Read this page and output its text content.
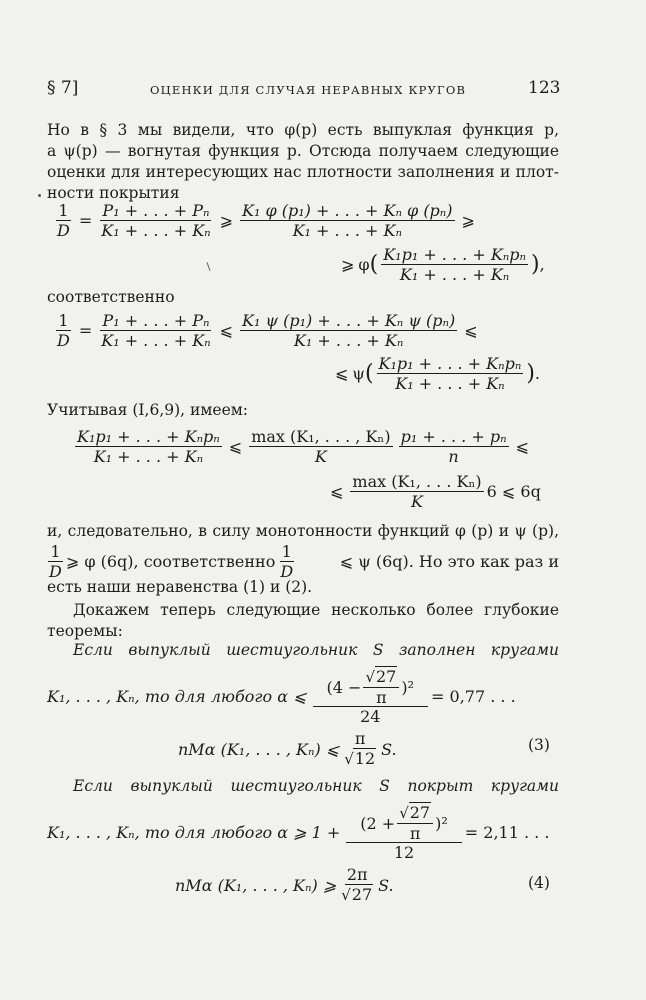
§ 7]	ОЦЕНКИ ДЛЯ СЛУЧАЯ НЕРАВНЫХ КРУГОВ	123
Но в § 3 мы видели, что φ(p) есть выпуклая функция p,
а ψ(p) — вогнутая функция p. Отсюда получаем следующие
оценки для интересующих нас плотности заполнения и плот-
ности покрытия
$\frac{1}{D} = \frac{\text{P₁ + . . . + Pₙ}}{\text{K₁ + . . . + Kₙ}}$ ⩾ $\frac{\text{K₁ φ (p₁) + . . . + Kₙ φ (pₙ)}}{\text{K₁ + . . . + Kₙ}}$ ⩾
⩾ φ ( $\frac{\text{K₁p₁ + . . . + Kₙpₙ}}{\text{K₁ + . . . + Kₙ}}$ ) ,
соответственно
$\frac{1}{D} = \frac{\text{P₁ + . . . + Pₙ}}{\text{K₁ + . . . + Kₙ}}$ ⩽ $\frac{\text{K₁ ψ (p₁) + . . . + Kₙ ψ (pₙ)}}{\text{K₁ + . . . + Kₙ}}$ ⩽
⩽ ψ ( $\frac{\text{K₁p₁ + . . . + Kₙpₙ}}{\text{K₁ + . . . + Kₙ}}$ ) .
Учитывая (I,6,9), имеем:
$\frac{\text{K₁p₁ + . . . + Kₙpₙ}}{\text{K₁ + . . . + Kₙ}}$ ⩽ $\frac{\text{max (K₁, . . . , Kₙ)}}{K} \frac{\text{p₁ + . . . + pₙ}}{n}$ ⩽
⩽ $\frac{\text{max (K₁, . . . Kₙ)}}{K} 6$ ⩽ 6q
и, следовательно, в силу монотонности функций φ (p) и ψ (p),
$\frac{1}{D}$ ⩾ φ (6q), соответственно $\frac{1}{D}$	⩽ ψ (6q). Но это как раз и
есть наши неравенства (1) и (2).
Докажем теперь следующие несколько более глубокие
теоремы:
Если выпуклый шестиугольник S заполнен кругами
K₁, . . . , Kₙ, то для любого α ⩽ $\frac{(4 - \frac{√27}{\pi} )^2}{24} = 0,77$ . . .
nMα (K₁, . . . , Kₙ) ⩽ $\frac{\pi}{√12} S$.	(3)
Если выпуклый шестиугольник S покрыт кругами
K₁, . . . , Kₙ, то для любого α ⩾ $1 + \frac{(2 + \frac{√27}{\pi} )^2}{12} = 2,11$ . . .
nMα (K₁, . . . , Kₙ) ⩾ $\frac{2\pi}{√27} S$.	(4)
